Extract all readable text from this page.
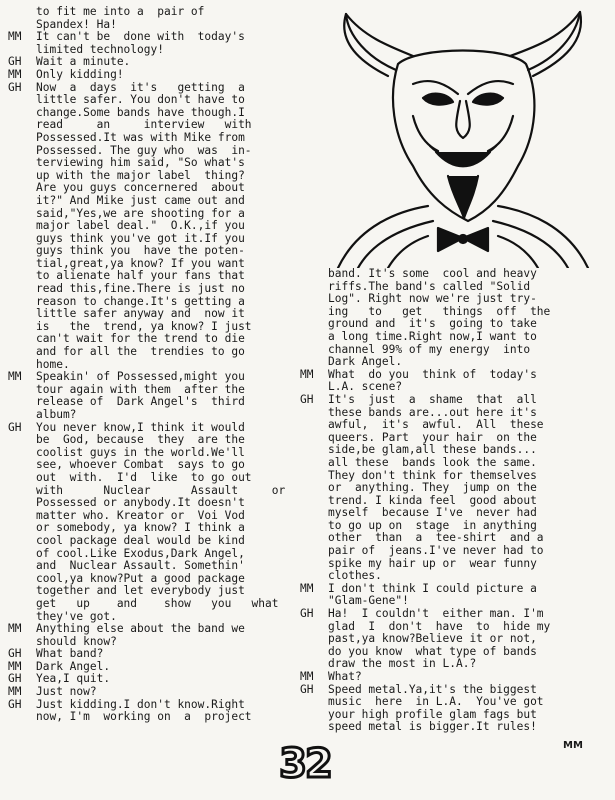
to fit me into a  pair of
Spandex! Ha!
MM	It can't be  done with  today's
limited technology!
GH	Wait a minute.
MM	Only kidding!
GH	Now  a  days  it's   getting  a
little safer. You don't have to
change.Some bands have though.I
read     an     interview   with
Possessed.It was with Mike from
Possessed. The guy who  was  in-
terviewing him said, "So what's
up with the major label  thing?
Are you guys concernered  about
it?" And Mike just came out and
said,"Yes,we are shooting for a
major label deal."  O.K.,if you
guys think you've got it.If you
guys think you  have the poten-
tial,great,ya know? If you want
to alienate half your fans that
read this,fine.There is just no
reason to change.It's getting a
little safer anyway and  now it
is   the  trend, ya know? I just
can't wait for the trend to die
and for all the  trendies to go
home.
MM	Speakin' of Possessed,might you
tour again with them  after the
release of  Dark Angel's  third
album?
GH	You never know,I think it would
be  God, because  they  are the
coolist guys in the world.We'll
see, whoever Combat  says to go
out  with.  I'd  like  to go out
with      Nuclear      Assault     or
Possessed or anybody.It doesn't
matter who. Kreator or  Voi Vod
or somebody, ya know? I think a
cool package deal would be kind
of cool.Like Exodus,Dark Angel,
and  Nuclear Assault. Somethin'
cool,ya know?Put a good package
together and let everybody just
get   up    and    show   you   what
they've got.
MM	Anything else about the band we
should know?
GH	What band?
MM	Dark Angel.
GH	Yea,I quit.
MM	Just now?
GH	Just kidding.I don't know.Right
now, I'm  working on  a  project
band. It's some  cool and heavy
riffs.The band's called "Solid
Log". Right now we're just try-
ing   to   get   things  off  the
ground and  it's  going to take
a long time.Right now,I want to
channel 99% of my energy  into
Dark Angel.
MM	What  do you  think of  today's
L.A. scene?
GH	It's  just  a  shame  that  all
these bands are...out here it's
awful,  it's  awful.  All  these
queers. Part  your hair  on the
side,be glam,all these bands...
all these  bands look the same.
They don't think for themselves
or  anything. They  jump on the
trend. I kinda feel  good about
myself  because I've  never had
to go up on  stage  in anything
other  than  a  tee-shirt  and a
pair of  jeans.I've never had to
spike my hair up or  wear funny
clothes.
MM	I don't think I could picture a
"Glam-Gene"!
GH	Ha!  I couldn't  either man. I'm
glad  I  don't  have  to  hide my
past,ya know?Believe it or not,
do you know  what type of bands
draw the most in L.A.?
MM	What?
GH	Speed metal.Ya,it's the biggest
music  here  in L.A.  You've got
your high profile glam fags but
speed metal is bigger.It rules!
32	MM
